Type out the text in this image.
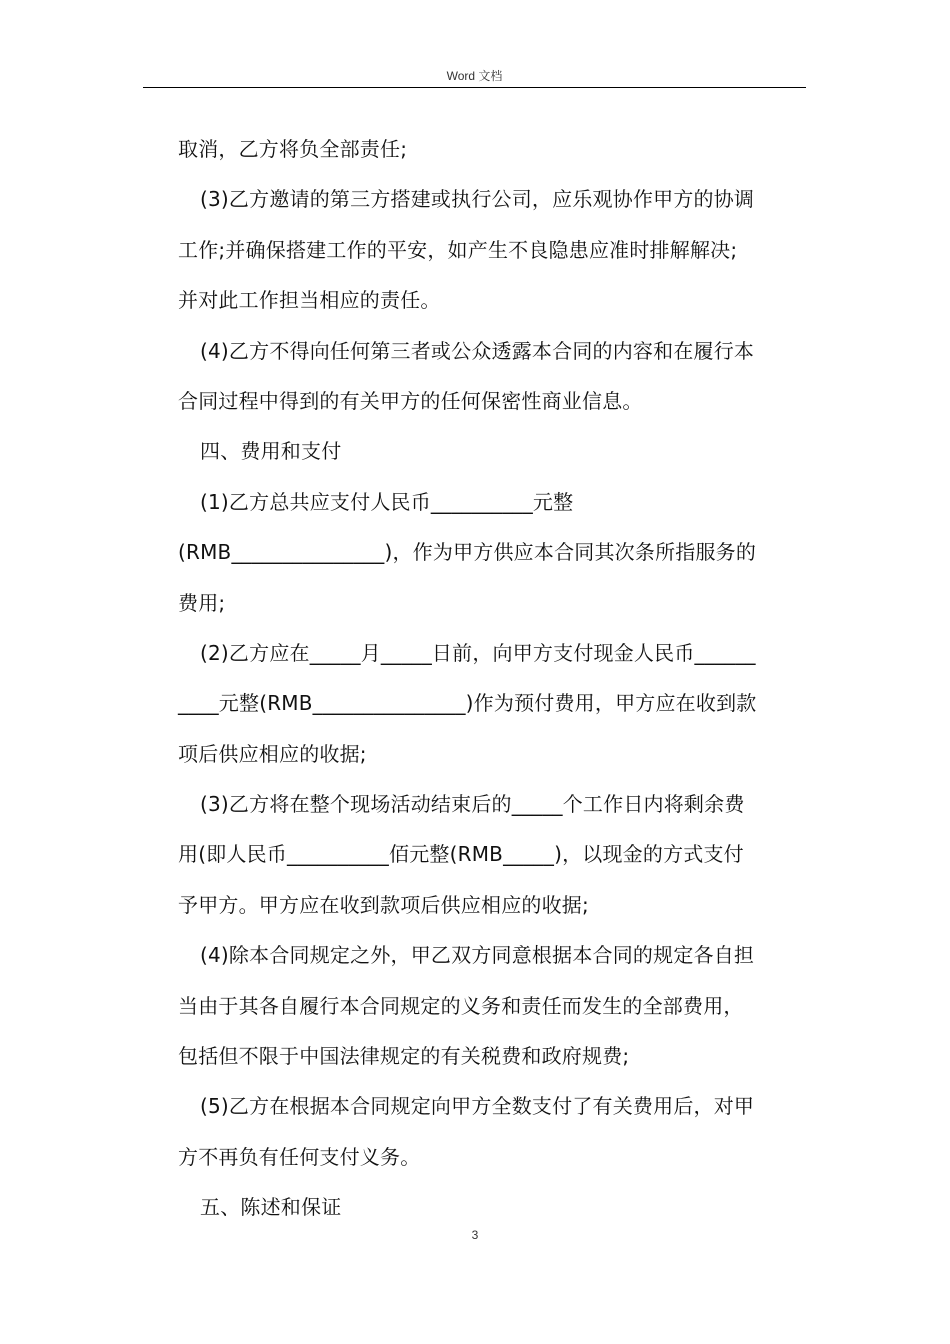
Word 文档
取消，乙方将负全部责任;
(3)乙方邀请的第三方搭建或执行公司，应乐观协作甲方的协调
工作;并确保搭建工作的平安，如产生不良隐患应准时排解解决;
并对此工作担当相应的责任。
(4)乙方不得向任何第三者或公众透露本合同的内容和在履行本
合同过程中得到的有关甲方的任何保密性商业信息。
四、费用和支付
(1)乙方总共应支付人民币__________元整
(RMB_______________)，作为甲方供应本合同其次条所指服务的
费用;
(2)乙方应在_____月_____日前，向甲方支付现金人民币______
____元整(RMB_______________)作为预付费用，甲方应在收到款
项后供应相应的收据;
(3)乙方将在整个现场活动结束后的_____个工作日内将剩余费
用(即人民币__________佰元整(RMB_____)，以现金的方式支付
予甲方。甲方应在收到款项后供应相应的收据;
(4)除本合同规定之外，甲乙双方同意根据本合同的规定各自担
当由于其各自履行本合同规定的义务和责任而发生的全部费用，
包括但不限于中国法律规定的有关税费和政府规费;
(5)乙方在根据本合同规定向甲方全数支付了有关费用后，对甲
方不再负有任何支付义务。
五、陈述和保证
3
